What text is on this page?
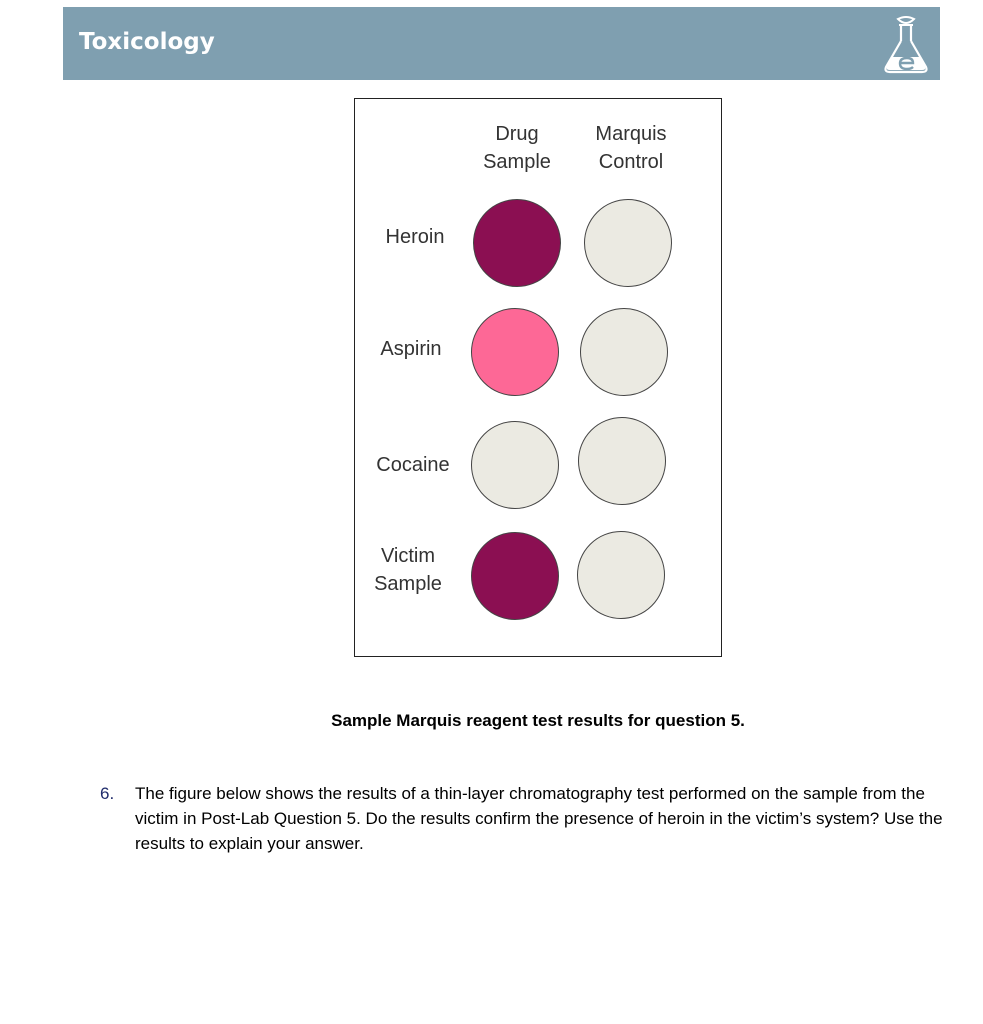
Toxicology
Drug
Sample
Marquis
Control
Heroin
Aspirin
Cocaine
Victim
Sample
Sample Marquis reagent test results for question 5.
6. The figure below shows the results of a thin-layer chromatography test performed on the sample from the victim in Post-Lab Question 5. Do the results confirm the presence of heroin in the victim’s system? Use the results to explain your answer.
